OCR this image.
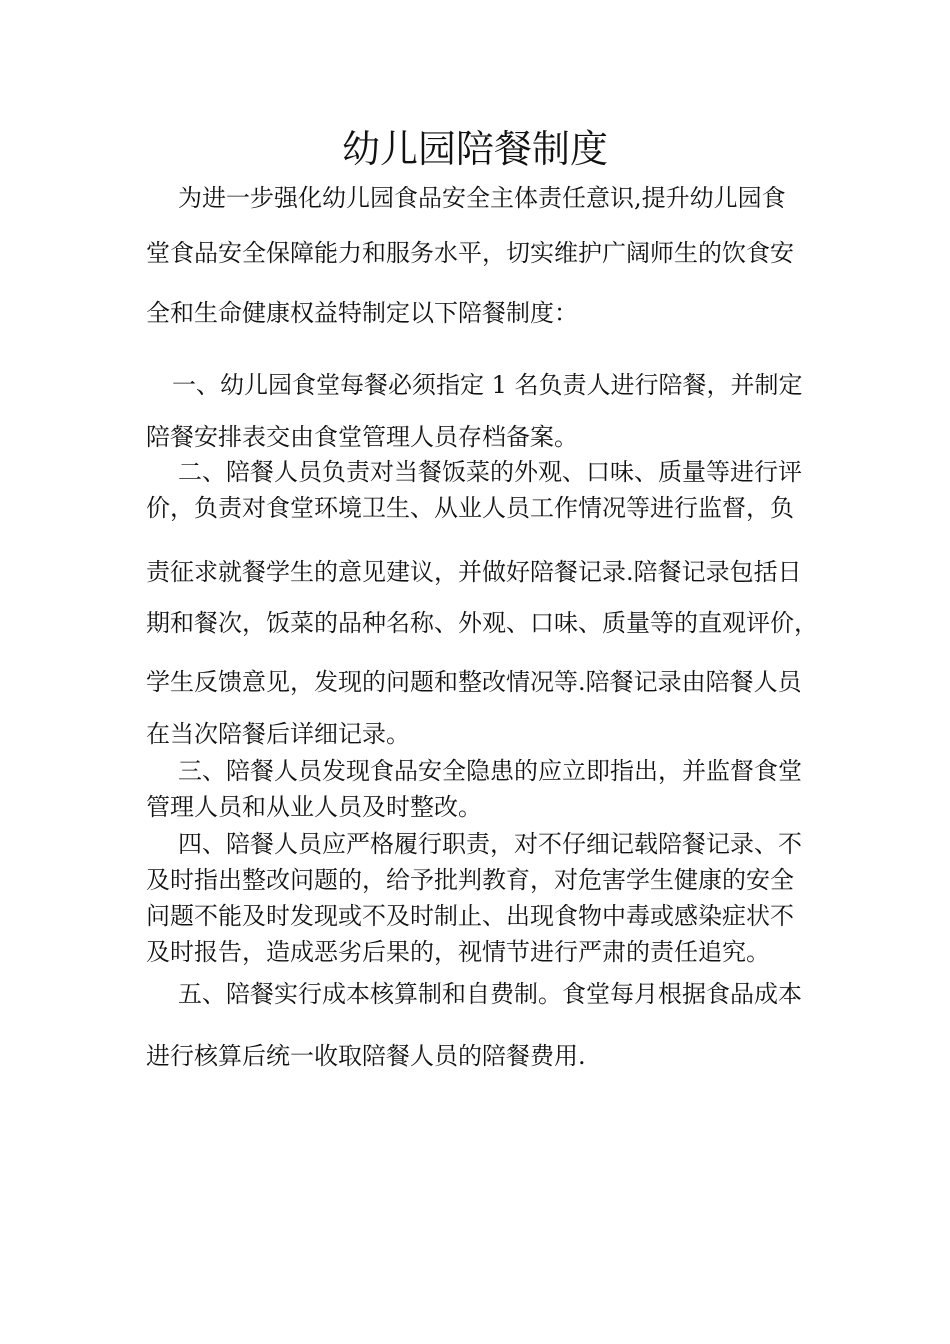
幼儿园陪餐制度

为进一步强化幼儿园食品安全主体责任意识,提升幼儿园食

堂食品安全保障能力和服务水平，切实维护广阔师生的饮食安

全和生命健康权益特制定以下陪餐制度：

一、幼儿园食堂每餐必须指定 1 名负责人进行陪餐，并制定

陪餐安排表交由食堂管理人员存档备案。

二、陪餐人员负责对当餐饭菜的外观、口味、质量等进行评

价，负责对食堂环境卫生、从业人员工作情况等进行监督，负

责征求就餐学生的意见建议，并做好陪餐记录.陪餐记录包括日

期和餐次，饭菜的品种名称、外观、口味、质量等的直观评价，

学生反馈意见，发现的问题和整改情况等.陪餐记录由陪餐人员

在当次陪餐后详细记录。

三、陪餐人员发现食品安全隐患的应立即指出，并监督食堂

管理人员和从业人员及时整改。

四、陪餐人员应严格履行职责，对不仔细记载陪餐记录、不

及时指出整改问题的，给予批判教育，对危害学生健康的安全

问题不能及时发现或不及时制止、出现食物中毒或感染症状不

及时报告，造成恶劣后果的，视情节进行严肃的责任追究。

五、陪餐实行成本核算制和自费制。食堂每月根据食品成本

进行核算后统一收取陪餐人员的陪餐费用.
